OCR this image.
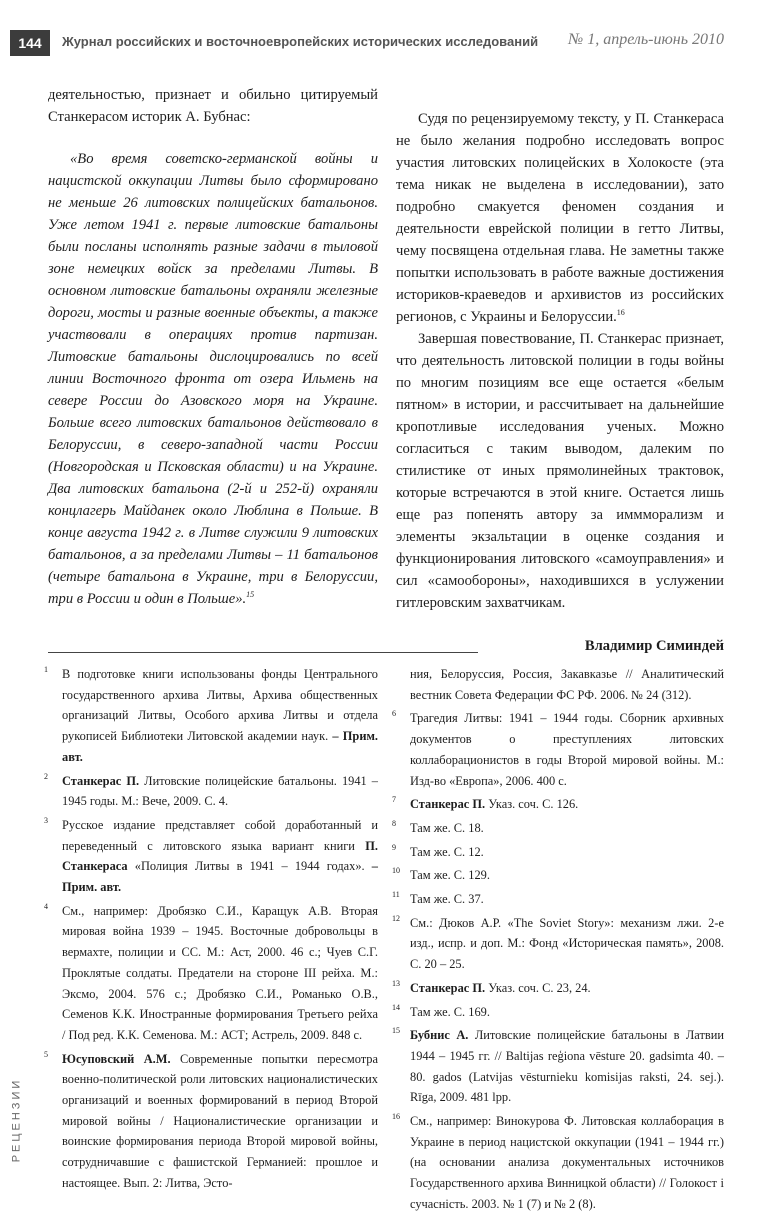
144	Журнал российских и восточноевропейских исторических исследований № 1, апрель-июнь 2010

деятельностью, признает и обильно цитируемый Станкерасом историк А. Бубнас:

«Во время советско-германской войны и нацистской оккупации Литвы было сформировано не меньше 26 литовских полицейских батальонов. Уже летом 1941 г. первые литовские батальоны были посланы исполнять разные задачи в тыловой зоне немецких войск за пределами Литвы. В основном литовские батальоны охраняли железные дороги, мосты и разные военные объекты, а также участвовали в операциях против партизан. Литовские батальоны дислоцировались по всей линии Восточного фронта от озера Ильмень на севере России до Азовского моря на Украине. Больше всего литовских батальонов действовало в Белоруссии, в северо-западной части России (Новгородская и Псковская области) и на Украине. Два литовских батальона (2-й и 252-й) охраняли концлагерь Майданек около Люблина в Польше. В конце августа 1942 г. в Литве служили 9 литовских батальонов, а за пределами Литвы – 11 батальонов (четыре батальона в Украине, три в Белоруссии, три в России и один в Польше».$^{15}$

Судя по рецензируемому тексту, у П. Станкераса не было желания подробно исследовать вопрос участия литовских полицейских в Холокосте (эта тема никак не выделена в исследовании), зато подробно смакуется феномен создания и деятельности еврейской полиции в гетто Литвы, чему посвящена отдельная глава. Не заметны также попытки использовать в работе важные достижения историков-краеведов и архивистов из российских регионов, с Украины и Белоруссии.$^{16}$

Завершая повествование, П. Станкерас признает, что деятельность литовской полиции в годы войны по многим позициям все еще остается «белым пятном» в истории, и рассчитывает на дальнейшие кропотливые исследования ученых. Можно согласиться с таким выводом, далеким по стилистике от иных прямолинейных трактовок, которые встречаются в этой книге. Остается лишь еще раз попенять автору за иммморализм и элементы экзальтации в оценке создания и функционирования литовского «самоуправления» и сил «самообороны», находившихся в услужении гитлеровским захватчикам.

Владимир Симиндей

1 В подготовке книги использованы фонды Центрального государственного архива Литвы, Архива общественных организаций Литвы, Особого архива Литвы и отдела рукописей Библиотеки Литовской академии наук. – Прим. авт.

2 Станкерас П. Литовские полицейские батальоны. 1941 – 1945 годы. М.: Вече, 2009. С. 4.

3 Русское издание представляет собой доработанный и переведенный с литовского языка вариант книги П. Станкераса «Полиция Литвы в 1941 – 1944 годах». – Прим. авт.

4 См., например: Дробязко С.И., Каращук А.В. Вторая мировая война 1939 – 1945. Восточные добровольцы в вермахте, полиции и СС. М.: Аст, 2000. 46 с.; Чуев С.Г. Проклятые солдаты. Предатели на стороне III рейха. М.: Эксмо, 2004. 576 с.; Дробязко С.И., Романько О.В., Семенов К.К. Иностранные формирования Третьего рейха / Под ред. К.К. Семенова. М.: АСТ; Астрель, 2009. 848 с.

5 Юсуповский А.М. Современные попытки пересмотра военно-политической роли литовских националистических организаций и военных формирований в период Второй мировой войны / Националистические организации и воинские формирования периода Второй мировой войны, сотрудничавшие с фашистской Германией: прошлое и настоящее. Вып. 2: Литва, Эсто-

ния, Белоруссия, Россия, Закавказье // Аналитический вестник Совета Федерации ФС РФ. 2006. № 24 (312).

6 Трагедия Литвы: 1941 – 1944 годы. Сборник архивных документов о преступлениях литовских коллаборационистов в годы Второй мировой войны. М.: Изд-во «Европа», 2006. 400 с.

7 Станкерас П. Указ. соч. С. 126.

8 Там же. С. 18.

9 Там же. С. 12.

10 Там же. С. 129.

11 Там же. С. 37.

12 См.: Дюков А.Р. «The Soviet Story»: механизм лжи. 2-е изд., испр. и доп. М.: Фонд «Историческая память», 2008. С. 20 – 25.

13 Станкерас П. Указ. соч. С. 23, 24.

14 Там же. С. 169.

15 Бубнис А. Литовские полицейские батальоны в Латвии 1944 – 1945 гг. // Baltijas reģiona vēsture 20. gadsimta 40. – 80. gados (Latvijas vēsturnieku komisijas raksti, 24. sej.). Rīga, 2009. 481 lpp.

16 См., например: Винокурова Ф. Литовская коллаборация в Украине в период нацистской оккупации (1941 – 1944 гг.) (на основании анализа документальных источников Государственного архива Винницкой области) // Голокост і сучасність. 2003. № 1 (7) и № 2 (8).

РЕЦЕНЗИИ
